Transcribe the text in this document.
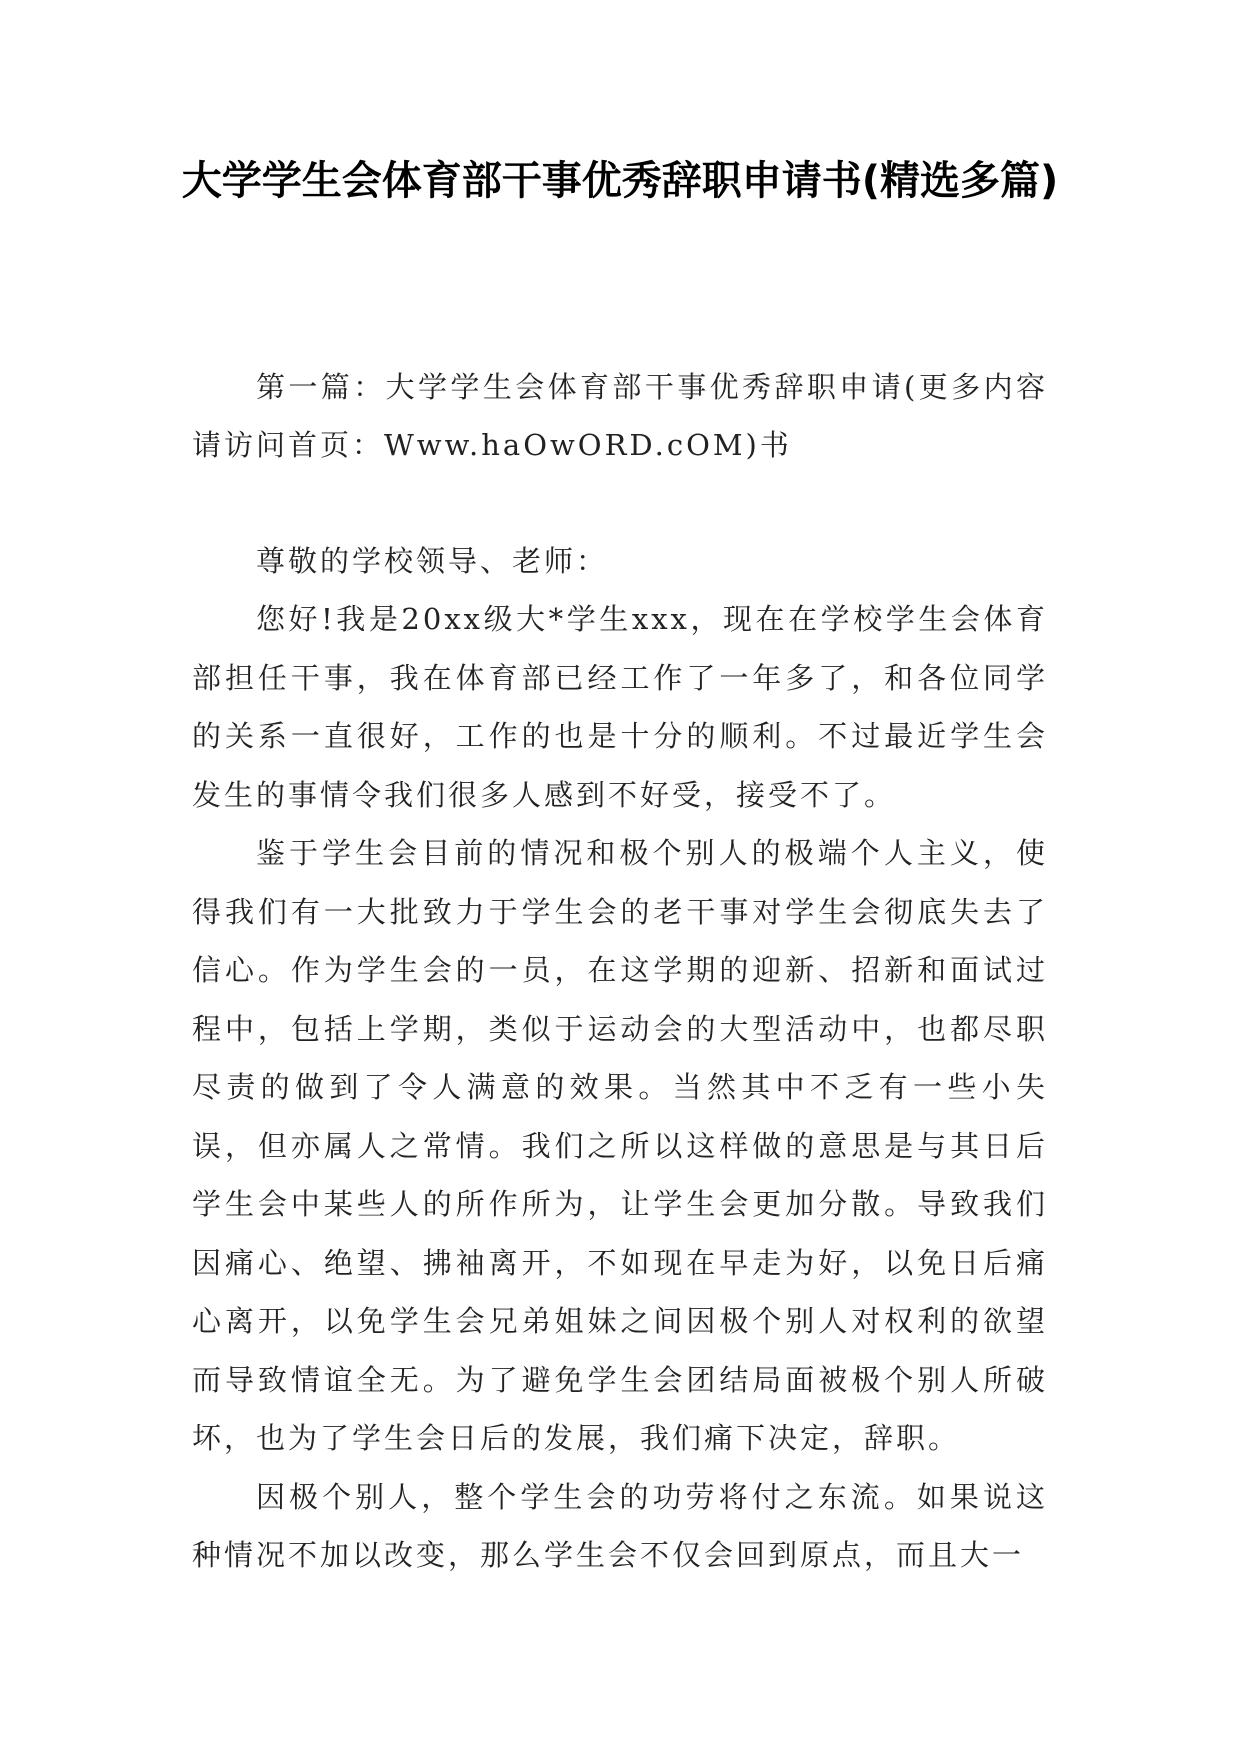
大学学生会体育部干事优秀辞职申请书(精选多篇)

第一篇：大学学生会体育部干事优秀辞职申请(更多内容请访问首页：Www.haOwORD.cOM)书

尊敬的学校领导、老师：

您好!我是20xx级大*学生xxx，现在在学校学生会体育部担任干事，我在体育部已经工作了一年多了，和各位同学的关系一直很好，工作的也是十分的顺利。不过最近学生会发生的事情令我们很多人感到不好受，接受不了。

鉴于学生会目前的情况和极个别人的极端个人主义，使得我们有一大批致力于学生会的老干事对学生会彻底失去了信心。作为学生会的一员，在这学期的迎新、招新和面试过程中，包括上学期，类似于运动会的大型活动中，也都尽职尽责的做到了令人满意的效果。当然其中不乏有一些小失误，但亦属人之常情。我们之所以这样做的意思是与其日后学生会中某些人的所作所为，让学生会更加分散。导致我们因痛心、绝望、拂袖离开，不如现在早走为好，以免日后痛心离开，以免学生会兄弟姐妹之间因极个别人对权利的欲望而导致情谊全无。为了避免学生会团结局面被极个别人所破坏，也为了学生会日后的发展，我们痛下决定，辞职。

因极个别人，整个学生会的功劳将付之东流。如果说这种情况不加以改变，那么学生会不仅会回到原点，而且大一
